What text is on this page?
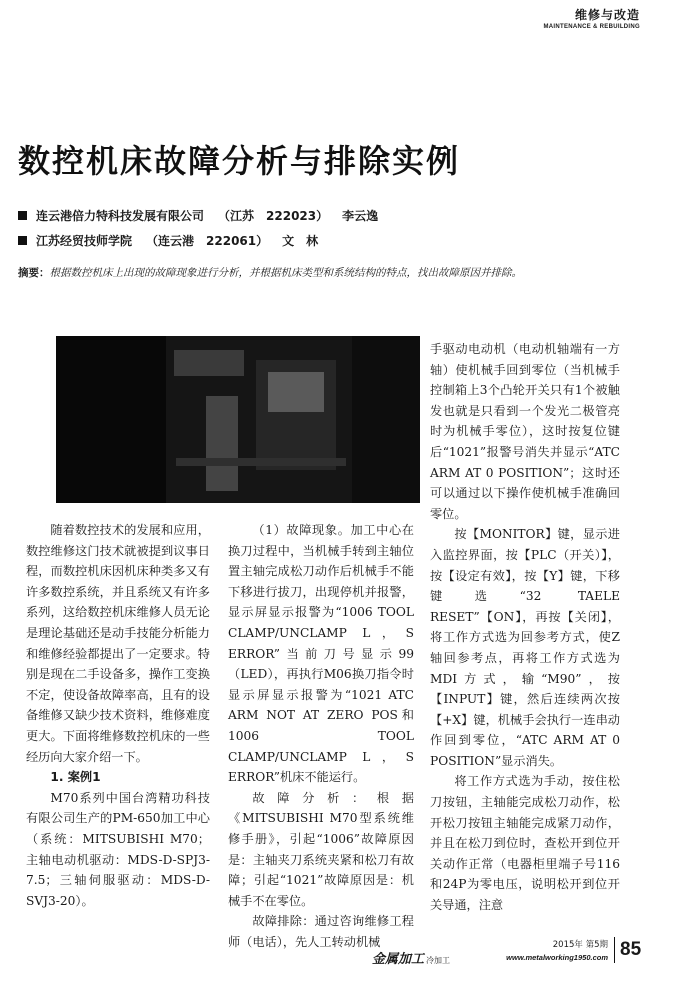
维修与改造
MAINTENANCE & REBUILDING
数控机床故障分析与排除实例
连云港倍力特科技发展有限公司 （江苏　222023） 李云逸
江苏经贸技师学院 （连云港　222061） 文　林
摘要：根据数控机床上出现的故障现象进行分析，并根据机床类型和系统结构的特点，找出故障原因并排除。

随着数控技术的发展和应用，数控维修这门技术就被提到议事日程，而数控机床因机床种类多又有许多数控系统，并且系统又有许多系列，这给数控机床维修人员无论是理论基础还是动手技能分析能力和维修经验都提出了一定要求。特别是现在二手设备多，操作工变换不定，使设备故障率高，且有的设备维修又缺少技术资料，维修难度更大。下面将维修数控机床的一些经历向大家介绍一下。

1. 案例1

M70系列中国台湾精功科技有限公司生产的PM-650加工中心（系统：MITSUBISHI M70；主轴电动机驱动：MDS-D-SPJ3-7.5；三轴伺服驱动：MDS-D-SVJ3-20）。

（1）故障现象。加工中心在换刀过程中，当机械手转到主轴位置主轴完成松刀动作后机械手不能下移进行拔刀，出现停机并报警，显示屏显示报警为“1006 TOOL CLAMP/UNCLAMP L，S ERROR”当前刀号显示99（LED），再执行M06换刀指令时显示屏显示报警为“1021 ATC ARM NOT AT ZERO POS和1006 TOOL CLAMP/UNCLAMP L，S ERROR”机床不能运行。

故障分析：根据《MITSUBISHI M70型系统维修手册》，引起“1006”故障原因是：主轴夹刀系统夹紧和松刀有故障；引起“1021”故障原因是：机械手不在零位。

故障排除：通过咨询维修工程师（电话），先人工转动机械

手驱动电动机（电动机轴端有一方轴）使机械手回到零位（当机械手控制箱上3个凸轮开关只有1个被触发也就是只看到一个发光二极管亮时为机械手零位），这时按复位键后“1021”报警号消失并显示“ATC ARM AT 0 POSITION”；这时还可以通过以下操作使机械手准确回零位。

按【MONITOR】键，显示进入监控界面，按【PLC（开关）】，按【设定有效】，按【Y】键，下移键选“32 TAELE RESET”【ON】，再按【关闭】，将工作方式选为回参考方式，使Z轴回参考点，再将工作方式选为MDI方式，输“M90”，按【INPUT】键，然后连续两次按【+X】键，机械手会执行一连串动作回到零位，“ATC ARM AT 0 POSITION”显示消失。

将工作方式选为手动，按住松刀按钮，主轴能完成松刀动作，松开松刀按钮主轴能完成紧刀动作，并且在松刀到位时，查松开到位开关动作正常（电器柜里端子号116和24P为零电压，说明松开到位开关导通，注意

2015年 第5期
金属加工 冷加工	www.metalworking1950.com 85
